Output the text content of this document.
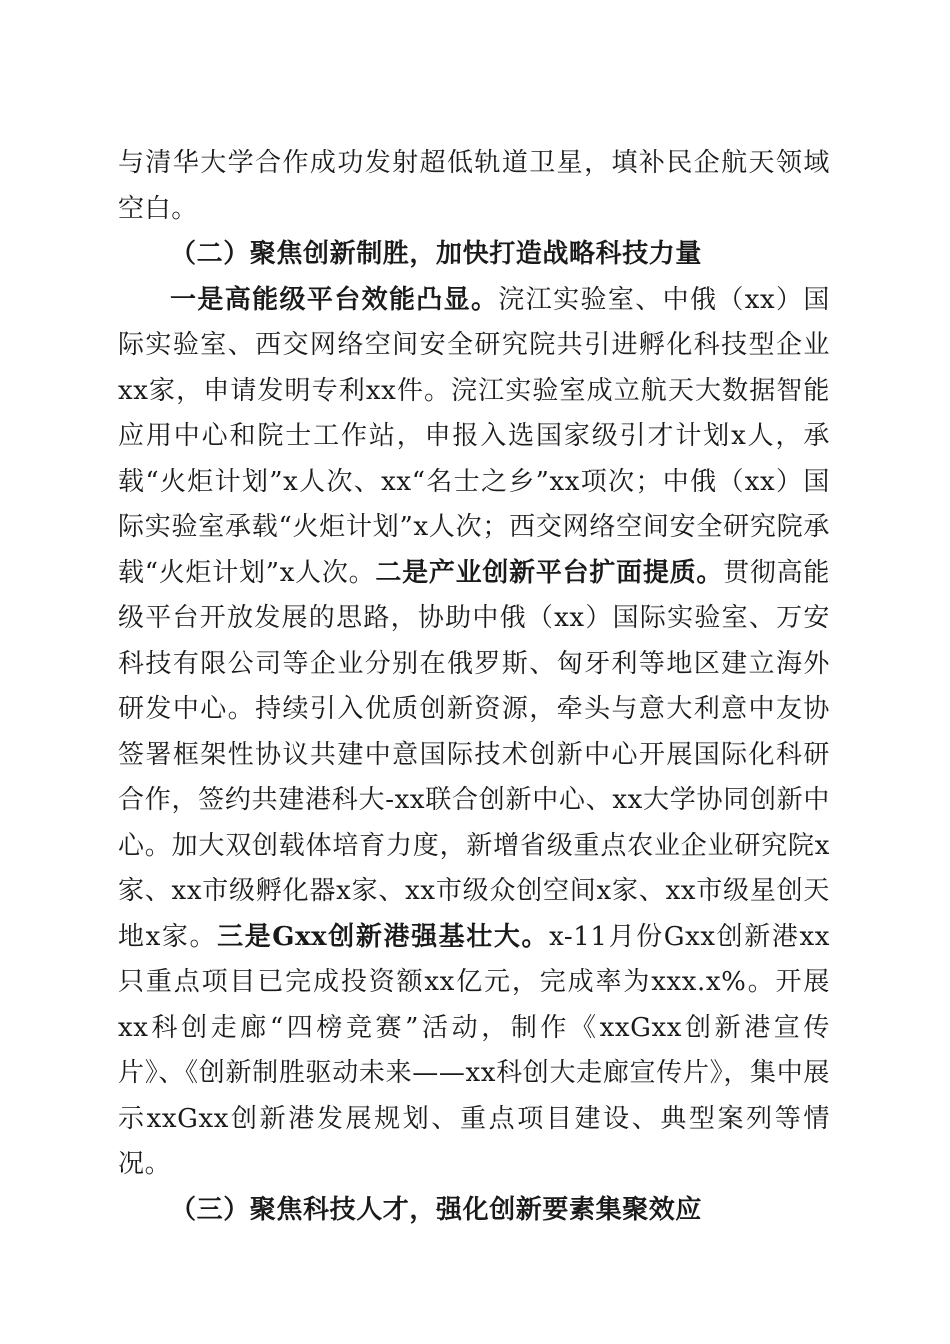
与清华大学合作成功发射超低轨道卫星，填补民企航天领域空白。

（二）聚焦创新制胜，加快打造战略科技力量

一是高能级平台效能凸显。浣江实验室、中俄（xx）国际实验室、西交网络空间安全研究院共引进孵化科技型企业xx家，申请发明专利xx件。浣江实验室成立航天大数据智能应用中心和院士工作站，申报入选国家级引才计划x人，承载“火炬计划”x人次、xx“名士之乡”xx项次；中俄（xx）国际实验室承载“火炬计划”x人次；西交网络空间安全研究院承载“火炬计划”x人次。二是产业创新平台扩面提质。贯彻高能级平台开放发展的思路，协助中俄（xx）国际实验室、万安科技有限公司等企业分别在俄罗斯、匈牙利等地区建立海外研发中心。持续引入优质创新资源，牵头与意大利意中友协签署框架性协议共建中意国际技术创新中心开展国际化科研合作，签约共建港科大-xx联合创新中心、xx大学协同创新中心。加大双创载体培育力度，新增省级重点农业企业研究院x家、xx市级孵化器x家、xx市级众创空间x家、xx市级星创天地x家。三是Gxx创新港强基壮大。x-11月份Gxx创新港xx只重点项目已完成投资额xx亿元，完成率为xxx.x%。开展xx科创走廊“四榜竞赛”活动，制作《xxGxx创新港宣传片》、《创新制胜驱动未来——xx科创大走廊宣传片》，集中展示xxGxx创新港发展规划、重点项目建设、典型案列等情况。

（三）聚焦科技人才，强化创新要素集聚效应
